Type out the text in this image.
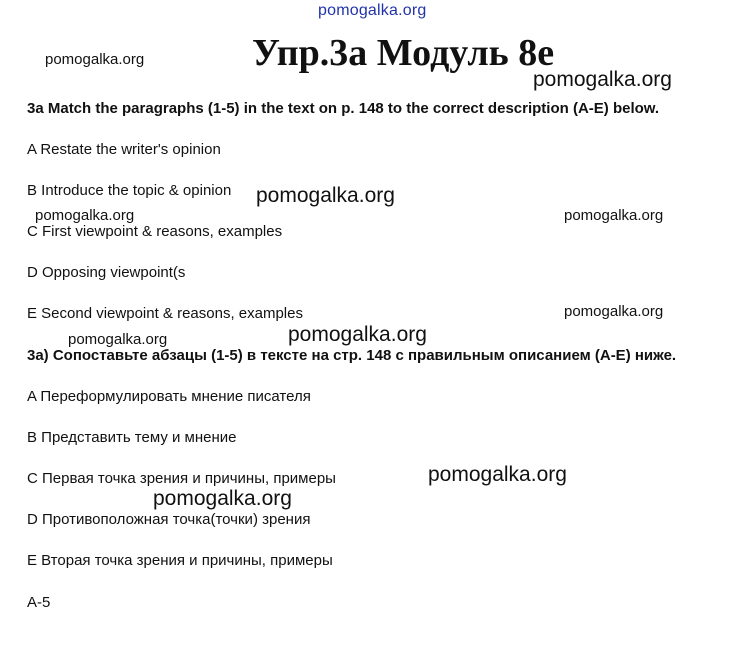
pomogalka.org
Упр.3a Модуль 8e
pomogalka.org
pomogalka.org
3a Match the paragraphs (1-5) in the text on p. 148 to the correct description (A-E) below.
A Restate the writer's opinion
B Introduce the topic & opinion pomogalka.org
pomogalka.org	pomogalka.org
C First viewpoint & reasons, examples
D Opposing viewpoint(s
pomogalka.org
E Second viewpoint & reasons, examples
pomogalka.org	pomogalka.org
3a) Сопоставьте абзацы (1-5) в тексте на стр. 148 с правильным описанием (A-E) ниже.
A Переформулировать мнение писателя
B Представить тему и мнение
C Первая точка зрения и причины, примеры	pomogalka.org
pomogalka.org
D Противоположная точка(точки) зрения
E Вторая точка зрения и причины, примеры
A-5
